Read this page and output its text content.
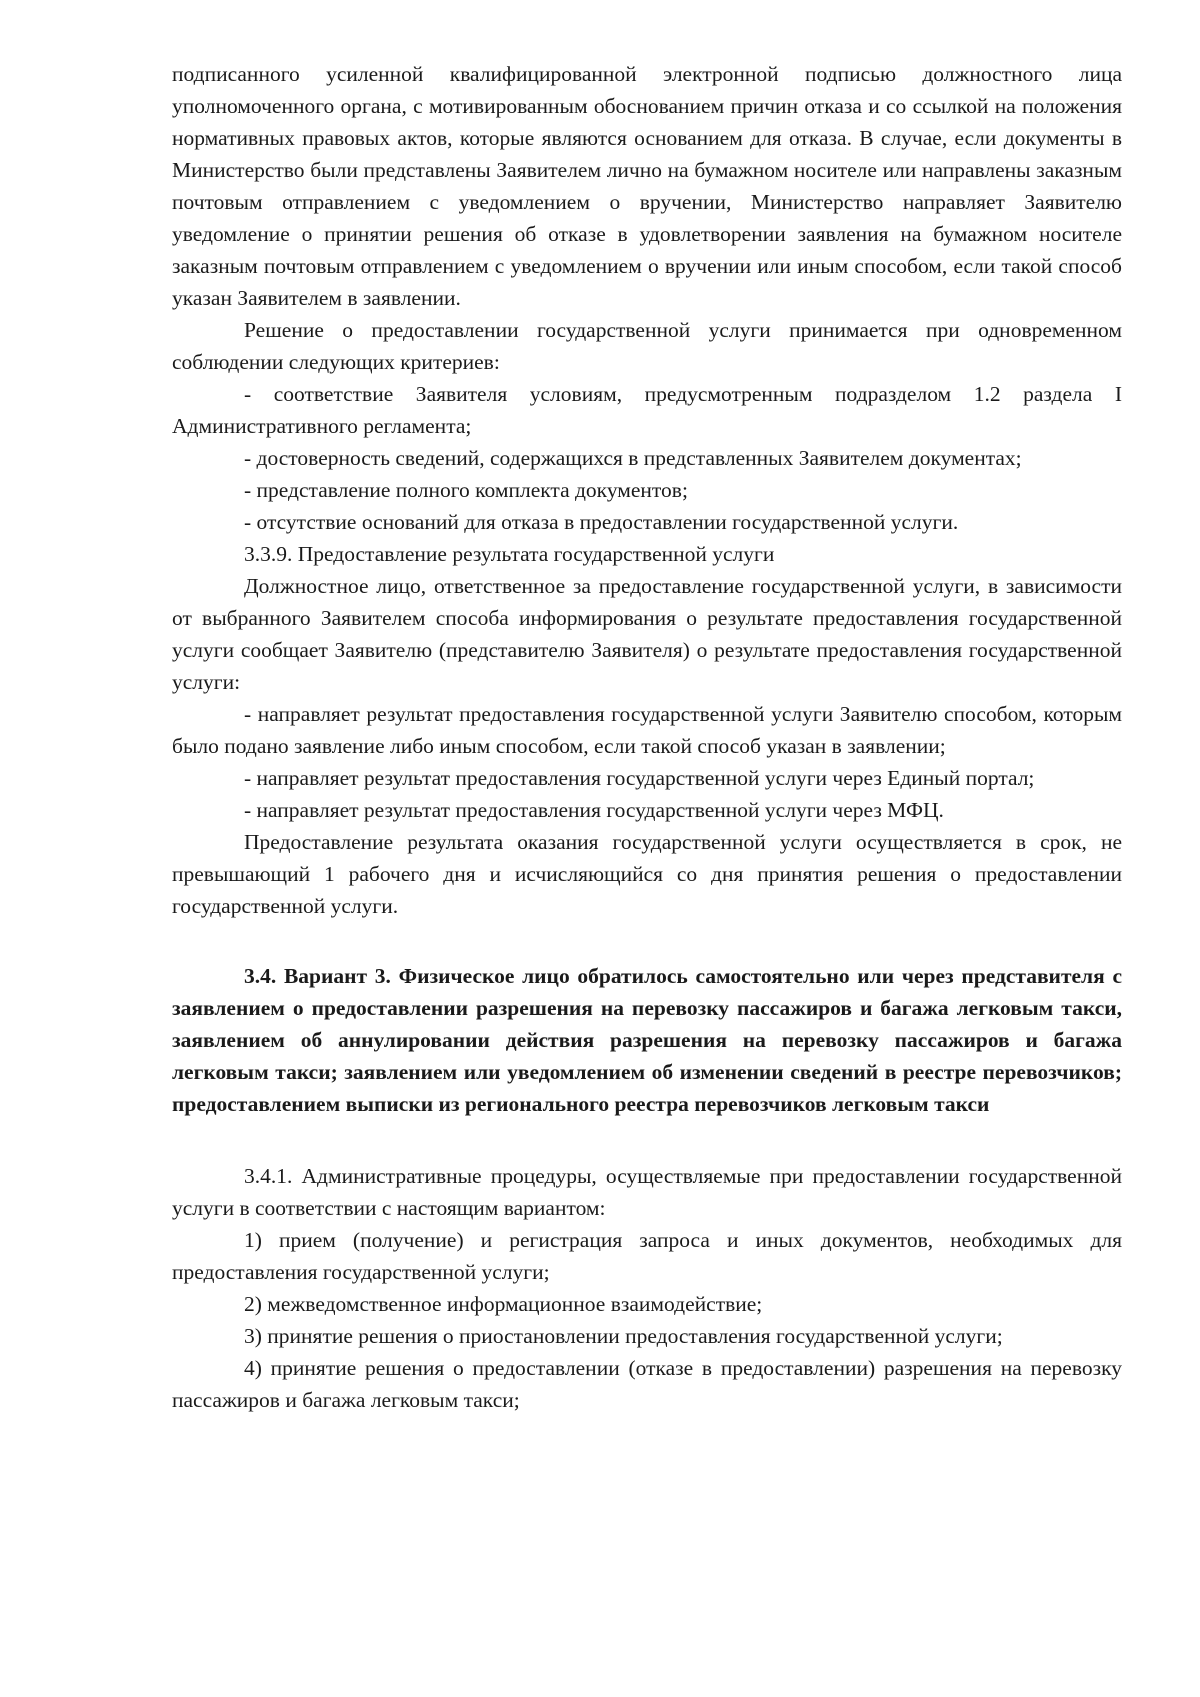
подписанного усиленной квалифицированной электронной подписью должностного лица уполномоченного органа, с мотивированным обоснованием причин отказа и со ссылкой на положения нормативных правовых актов, которые являются основанием для отказа. В случае, если документы в Министерство были представлены Заявителем лично на бумажном носителе или направлены заказным почтовым отправлением с уведомлением о вручении, Министерство направляет Заявителю уведомление о принятии решения об отказе в удовлетворении заявления на бумажном носителе заказным почтовым отправлением с уведомлением о вручении или иным способом, если такой способ указан Заявителем в заявлении.

Решение о предоставлении государственной услуги принимается при одновременном соблюдении следующих критериев:

- соответствие Заявителя условиям, предусмотренным подразделом 1.2 раздела I Административного регламента;

- достоверность сведений, содержащихся в представленных Заявителем документах;

- представление полного комплекта документов;

- отсутствие оснований для отказа в предоставлении государственной услуги.

3.3.9. Предоставление результата государственной услуги

Должностное лицо, ответственное за предоставление государственной услуги, в зависимости от выбранного Заявителем способа информирования о результате предоставления государственной услуги сообщает Заявителю (представителю Заявителя) о результате предоставления государственной услуги:

- направляет результат предоставления государственной услуги Заявителю способом, которым было подано заявление либо иным способом, если такой способ указан в заявлении;

- направляет результат предоставления государственной услуги через Единый портал;

- направляет результат предоставления государственной услуги через МФЦ.

Предоставление результата оказания государственной услуги осуществляется в срок, не превышающий 1 рабочего дня и исчисляющийся со дня принятия решения о предоставлении государственной услуги.

3.4. Вариант 3. Физическое лицо обратилось самостоятельно или через представителя с заявлением о предоставлении разрешения на перевозку пассажиров и багажа легковым такси, заявлением об аннулировании действия разрешения на перевозку пассажиров и багажа легковым такси; заявлением или уведомлением об изменении сведений в реестре перевозчиков; предоставлением выписки из регионального реестра перевозчиков легковым такси

3.4.1. Административные процедуры, осуществляемые при предоставлении государственной услуги в соответствии с настоящим вариантом:

1) прием (получение) и регистрация запроса и иных документов, необходимых для предоставления государственной услуги;

2) межведомственное информационное взаимодействие;

3) принятие решения о приостановлении предоставления государственной услуги;

4) принятие решения о предоставлении (отказе в предоставлении) разрешения на перевозку пассажиров и багажа легковым такси;
